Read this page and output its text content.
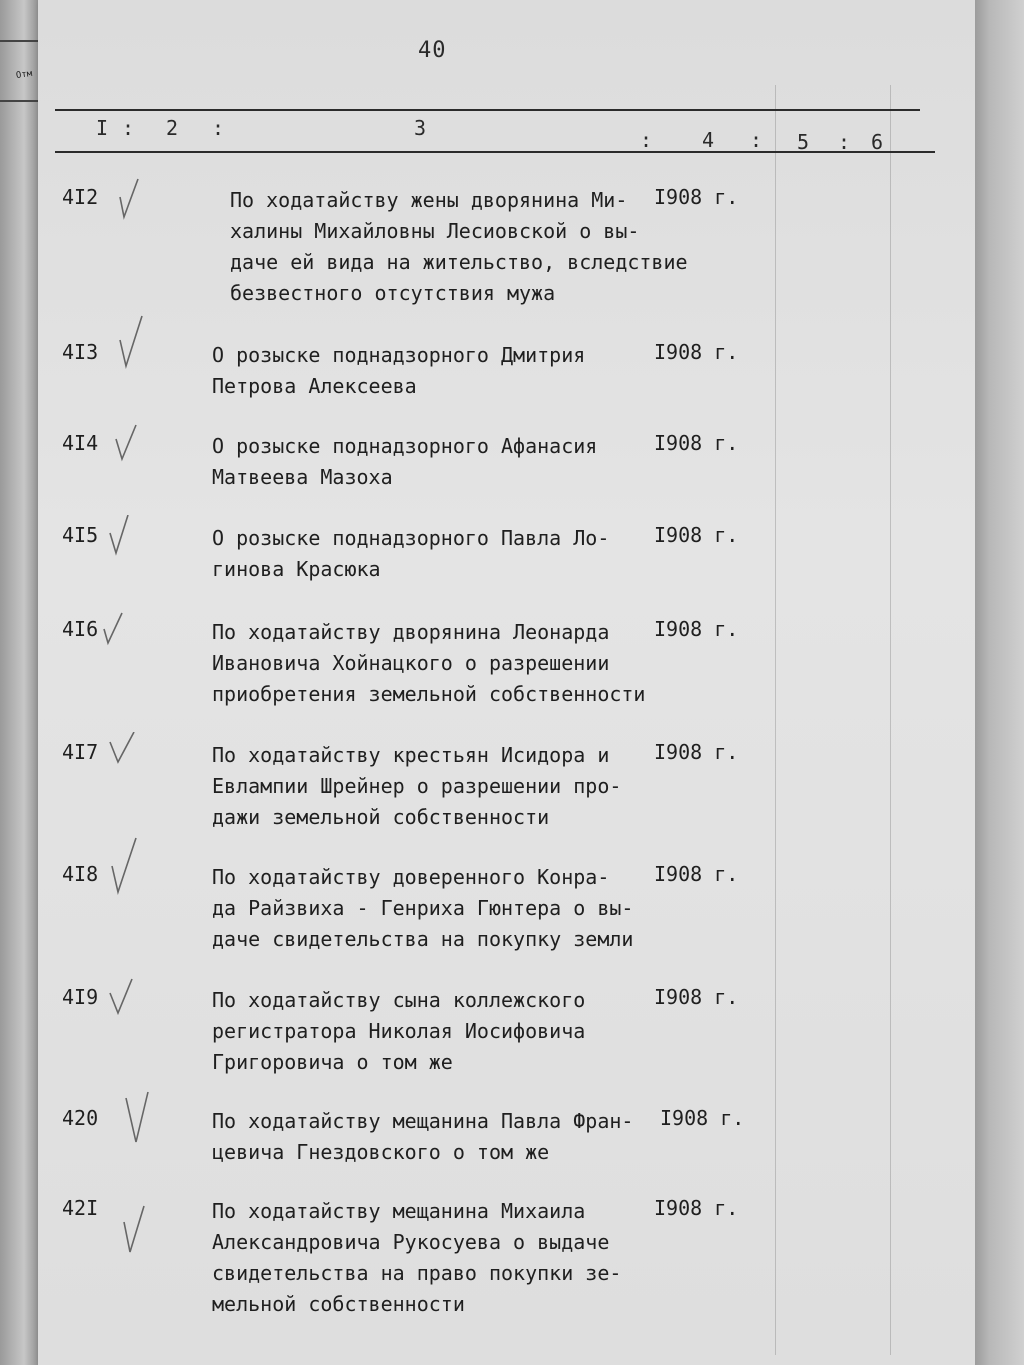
Отм
40
I : 2 :	3	: 4 : 5 : 6
4I2	По ходатайству жены дворянина Ми-
халины Михайловны Лесиовской о вы-
даче ей вида на жительство, вследствие
безвестного отсутствия мужа
I908 г.
4I3	О розыске поднадзорного Дмитрия
Петрова Алексеева
I908 г.
4I4	О розыске поднадзорного Афанасия
Матвеева Мазоха
I908 г.
4I5	О розыске поднадзорного Павла Ло-
гинова Красюка
I908 г.
4I6	По ходатайству дворянина Леонарда
Ивановича Хойнацкого о разрешении
приобретения земельной собственности
I908 г.
4I7	По ходатайству крестьян Исидора и
Евлампии Шрейнер о разрешении про-
дажи земельной собственности
I908 г.
4I8	По ходатайству доверенного Конра-
да Райзвиха - Генриха Гюнтера о вы-
даче свидетельства на покупку земли
I908 г.
4I9	По ходатайству сына коллежского
регистратора Николая Иосифовича
Григоровича о том же
I908 г.
420	По ходатайству мещанина Павла Фран-
цевича Гнездовского о том же
I908 г.
42I	По ходатайству мещанина Михаила
Александровича Рукосуева о выдаче
свидетельства на право покупки зе-
мельной собственности
I908 г.
